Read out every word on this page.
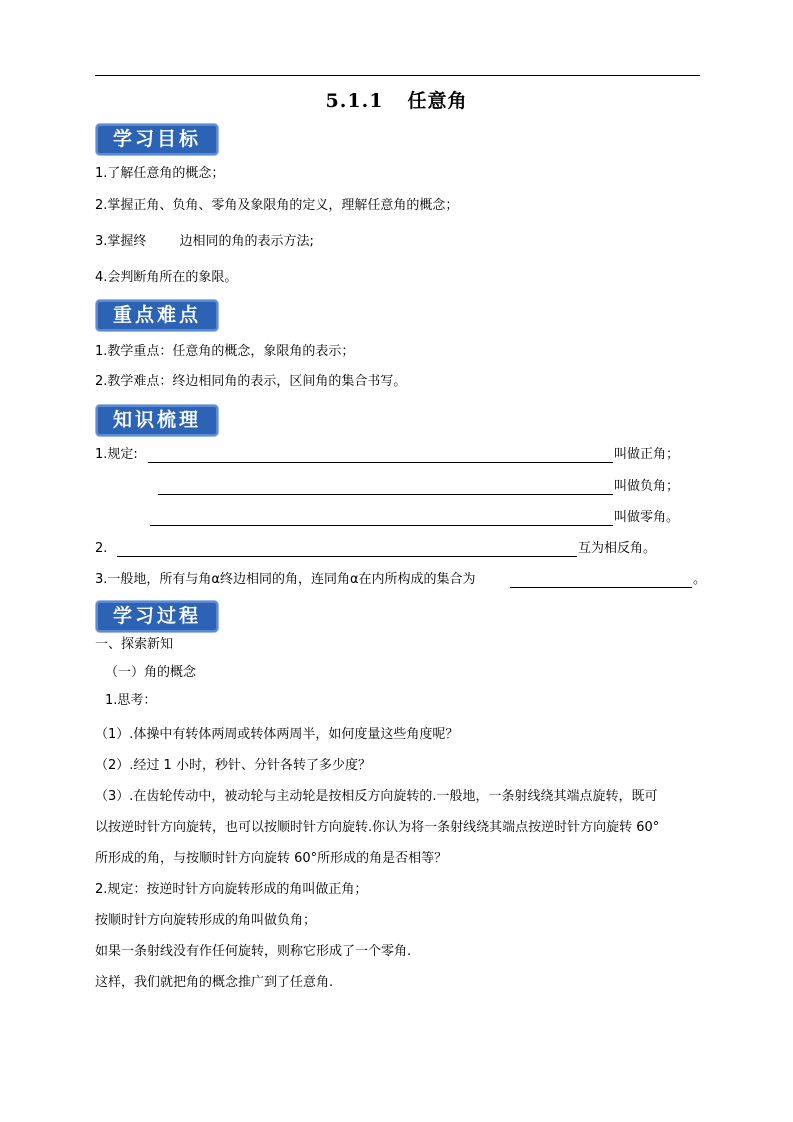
5.1.1 任意角
学习目标
1.了解任意角的概念；
2.掌握正角、负角、零角及象限角的定义，理解任意角的概念；
3.掌握终        边相同的角的表示方法;
4.会判断角所在的象限。
重点难点
1.教学重点：任意角的概念，象限角的表示；
2.教学难点：终边相同角的表示，区间角的集合书写。
知识梳理
1.规定:	叫做正角；
叫做负角；
叫做零角。
2.	互为相反角。
3.一般地，所有与角α终边相同的角，连同角α在内所构成的集合为	。
学习过程
一、探索新知
（一）角的概念
1.思考：
（1）.体操中有转体两周或转体两周半，如何度量这些角度呢？
（2）.经过 1 小时，秒针、分针各转了多少度？
（3）.在齿轮传动中，被动轮与主动轮是按相反方向旋转的.一般地，一条射线绕其端点旋转，既可
以按逆时针方向旋转，也可以按顺时针方向旋转.你认为将一条射线绕其端点按逆时针方向旋转 60°
所形成的角，与按顺时针方向旋转 60°所形成的角是否相等？
2.规定：按逆时针方向旋转形成的角叫做正角；
按顺时针方向旋转形成的角叫做负角；
如果一条射线没有作任何旋转，则称它形成了一个零角.
这样，我们就把角的概念推广到了任意角.
